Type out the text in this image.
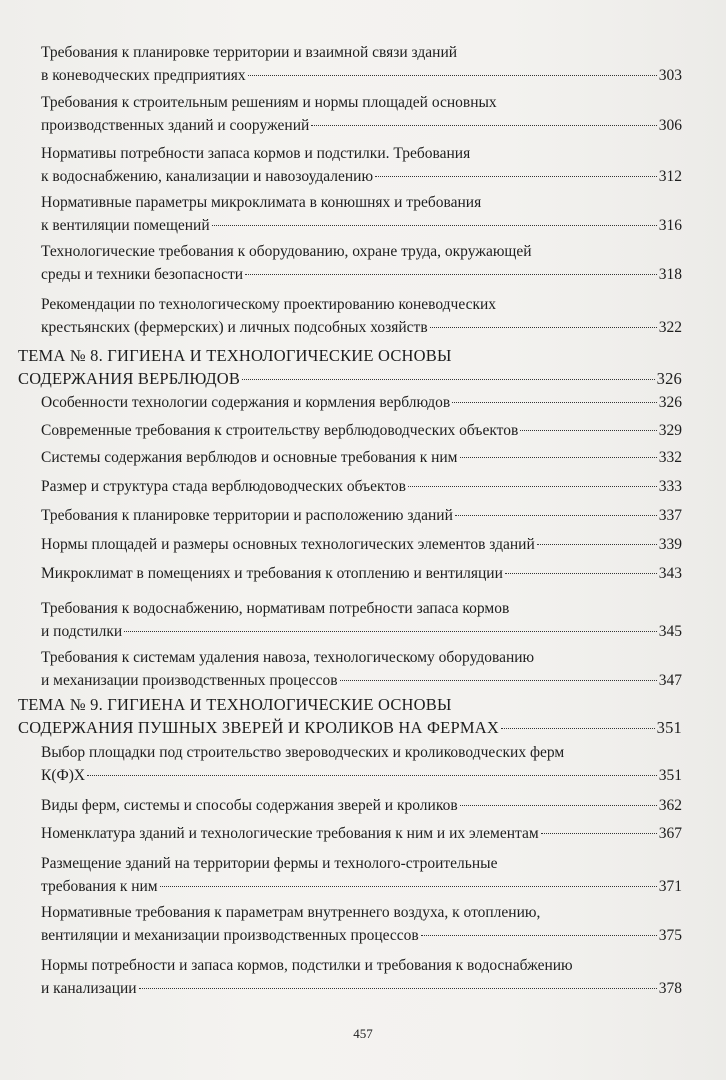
Требования к планировке территории и взаимной связи зданий
в коневодческих предприятиях	303
Требования к строительным решениям и нормы площадей основных
производственных зданий и сооружений	306
Нормативы потребности запаса кормов и подстилки. Требования
к водоснабжению, канализации и навозоудалению	312
Нормативные параметры микроклимата в конюшнях и требования
к вентиляции помещений	316
Технологические требования к оборудованию, охране труда, окружающей
среды и техники безопасности	318
Рекомендации по технологическому проектированию коневодческих
крестьянских (фермерских) и личных подсобных хозяйств	322
ТЕМА № 8. ГИГИЕНА И ТЕХНОЛОГИЧЕСКИЕ ОСНОВЫ
СОДЕРЖАНИЯ ВЕРБЛЮДОВ	326
Особенности технологии содержания и кормления верблюдов	326
Современные требования к строительству верблюдоводческих объектов	329
Системы содержания верблюдов и основные требования к ним	332
Размер и структура стада верблюдоводческих объектов	333
Требования к планировке территории и расположению зданий	337
Нормы площадей и размеры основных технологических элементов зданий	339
Микроклимат в помещениях и требования к отоплению и вентиляции	343
Требования к водоснабжению, нормативам потребности запаса кормов
и подстилки	345
Требования к системам удаления навоза, технологическому оборудованию
и механизации производственных процессов	347
ТЕМА № 9. ГИГИЕНА И ТЕХНОЛОГИЧЕСКИЕ ОСНОВЫ
СОДЕРЖАНИЯ ПУШНЫХ ЗВЕРЕЙ И КРОЛИКОВ НА ФЕРМАХ	351
Выбор площадки под строительство звероводческих и кролиководческих ферм
К(Ф)Х	351
Виды ферм, системы и способы содержания зверей и кроликов	362
Номенклатура зданий и технологические требования к ним и их элементам	367
Размещение зданий на территории фермы и технолого-строительные
требования к ним	371
Нормативные требования к параметрам внутреннего воздуха, к отоплению,
вентиляции и механизации производственных процессов	375
Нормы потребности и запаса кормов, подстилки и требования к водоснабжению
и канализации	378
457
